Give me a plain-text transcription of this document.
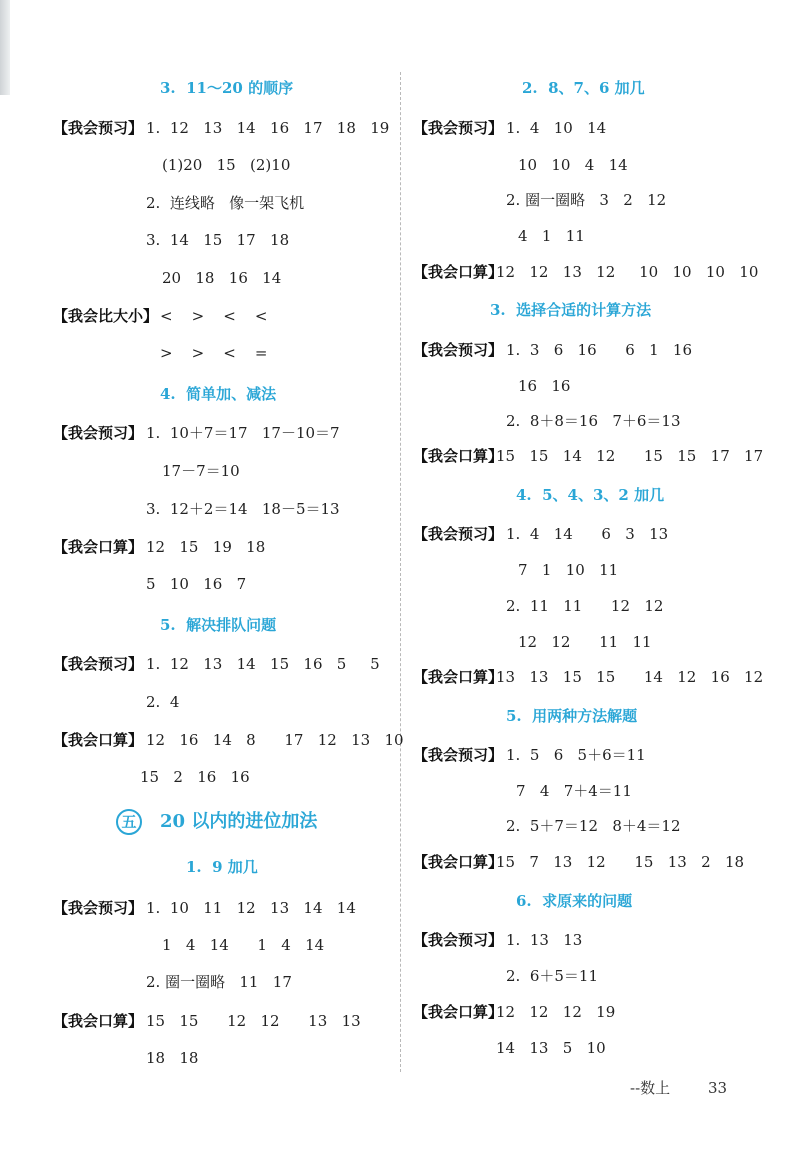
3.  11～20 的顺序
【我会预习】 1.  12   13   14   16   17   18   19
(1)20   15   (2)10
2.  连线略   像一架飞机
3.  14   15   17   18
20   18   16   14
【我会比大小】 <    >    <    <
>    >    <    =
4.  简单加、减法
【我会预习】 1.  10＋7＝17   17－10＝7
17－7＝10
3.  12＋2＝14   18－5＝13
【我会口算】 12   15   19   18
5   10   16   7
5.  解决排队问题
【我会预习】 1.  12   13   14   15   16   5     5
2.  4
【我会口算】 12   16   14   8      17   12   13   10
15   2   16   16
五	20 以内的进位加法
1.  9 加几
【我会预习】 1.  10   11   12   13   14   14
1   4   14      1   4   14
2. 圈一圈略   11   17
【我会口算】 15   15      12   12      13   13
18   18
2.  8、7、6 加几
【我会预习】 1.  4   10   14
10   10   4   14
2. 圈一圈略   3   2   12
4   1   11
【我会口算】
12   12   13   12     10   10   10   10
3.  选择合适的计算方法
【我会预习】 1.  3   6   16      6   1   16
16   16
2.  8＋8＝16   7＋6＝13
【我会口算】
15   15   14   12      15   15   17   17
4.  5、4、3、2 加几
【我会预习】 1.  4   14      6   3   13
7   1   10   11
2.  11   11      12   12
12   12      11   11
【我会口算】
13   13   15   15      14   12   16   12
5.  用两种方法解题
【我会预习】 1.  5   6   5＋6＝11
7   4   7＋4＝11
2.  5＋7＝12   8＋4＝12
【我会口算】
15   7   13   12      15   13   2   18
6.  求原来的问题
【我会预习】 1.  13   13
2.  6＋5＝11
【我会口算】
12   12   12   19
14   13   5   10
--数上	33
